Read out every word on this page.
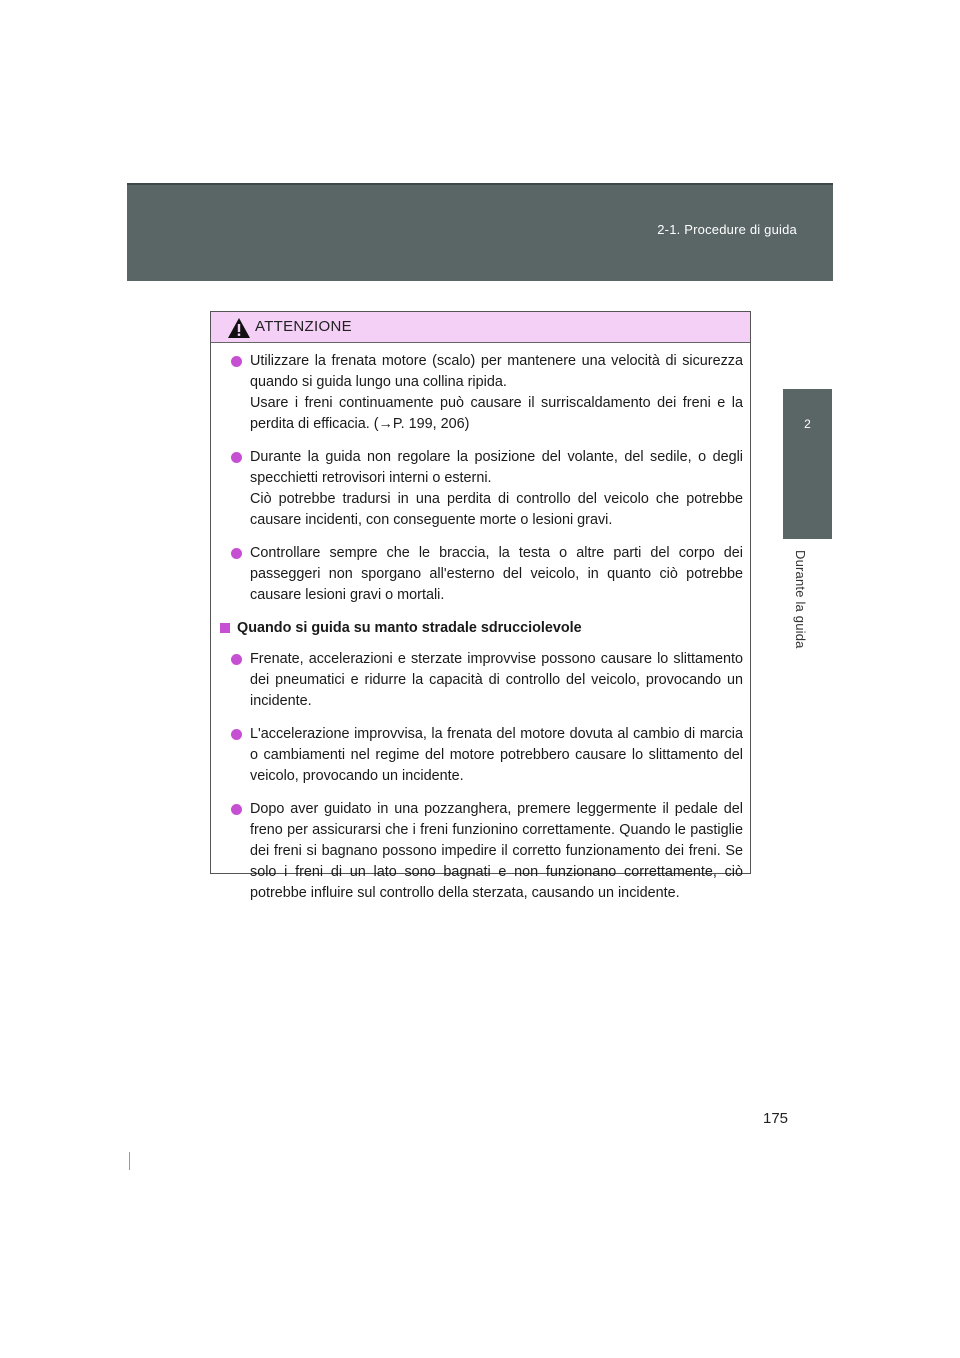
2-1. Procedure di guida
2
Durante la guida
ATTENZIONE

Utilizzare la frenata motore (scalo) per mantenere una velocità di sicurezza quando si guida lungo una collina ripida.

Usare i freni continuamente può causare il surriscaldamento dei freni e la perdita di efficacia. (→P. 199, 206)

Durante la guida non regolare la posizione del volante, del sedile, o degli specchietti retrovisori interni o esterni.

Ciò potrebbe tradursi in una perdita di controllo del veicolo che potrebbe causare incidenti, con conseguente morte o lesioni gravi.

Controllare sempre che le braccia, la testa o altre parti del corpo dei passeggeri non sporgano all'esterno del veicolo, in quanto ciò potrebbe causare lesioni gravi o mortali.

Quando si guida su manto stradale sdrucciolevole

Frenate, accelerazioni e sterzate improvvise possono causare lo slittamento dei pneumatici e ridurre la capacità di controllo del veicolo, provocando un incidente.

L'accelerazione improvvisa, la frenata del motore dovuta al cambio di marcia o cambiamenti nel regime del motore potrebbero causare lo slittamento del veicolo, provocando un incidente.

Dopo aver guidato in una pozzanghera, premere leggermente il pedale del freno per assicurarsi che i freni funzionino correttamente. Quando le pastiglie dei freni si bagnano possono impedire il corretto funzionamento dei freni. Se solo i freni di un lato sono bagnati e non funzionano correttamente, ciò potrebbe influire sul controllo della sterzata, causando un incidente.

175
